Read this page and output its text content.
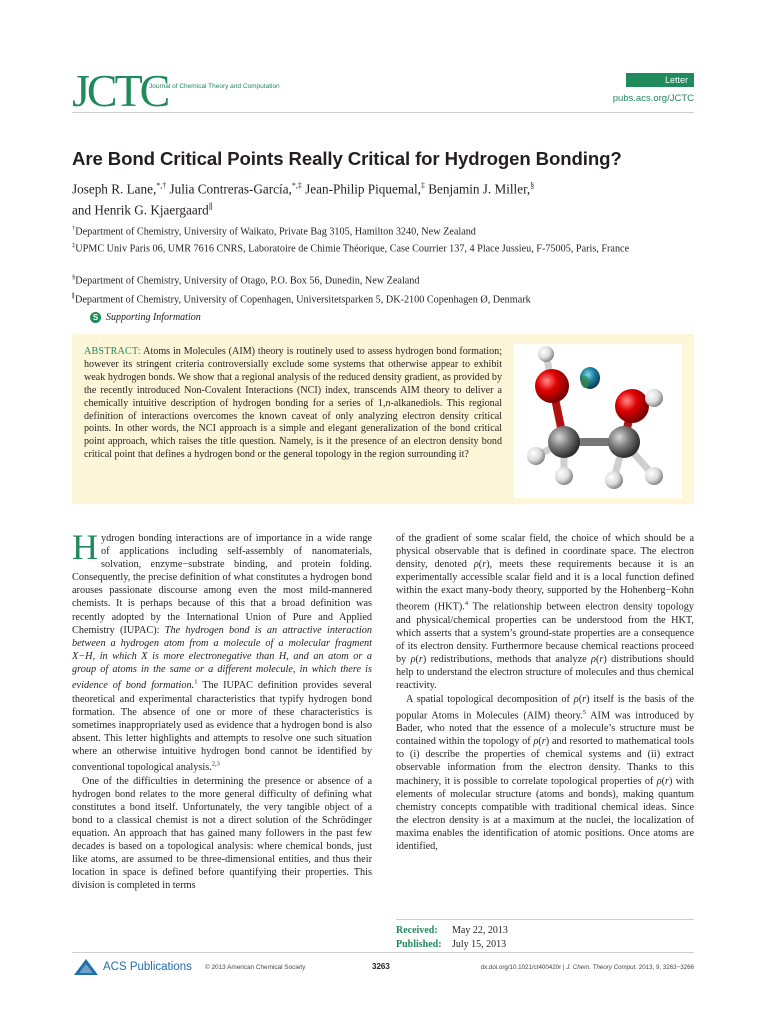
JCTC
Journal of Chemical Theory and Computation
Letter
pubs.acs.org/JCTC
Are Bond Critical Points Really Critical for Hydrogen Bonding?
Joseph R. Lane,*,† Julia Contreras-García,*,‡ Jean-Philip Piquemal,‡ Benjamin J. Miller,§
and Henrik G. Kjaergaard∥
†Department of Chemistry, University of Waikato, Private Bag 3105, Hamilton 3240, New Zealand
‡UPMC Univ Paris 06, UMR 7616 CNRS, Laboratoire de Chimie Théorique, Case Courrier 137, 4 Place Jussieu, F-75005, Paris, France
§Department of Chemistry, University of Otago, P.O. Box 56, Dunedin, New Zealand
∥Department of Chemistry, University of Copenhagen, Universitetsparken 5, DK-2100 Copenhagen Ø, Denmark
S Supporting Information
ABSTRACT: Atoms in Molecules (AIM) theory is routinely used to assess hydrogen bond formation; however its stringent criteria controversially exclude some systems that otherwise appear to exhibit weak hydrogen bonds. We show that a regional analysis of the reduced density gradient, as provided by the recently introduced Non-Covalent Interactions (NCI) index, transcends AIM theory to deliver a chemically intuitive description of hydrogen bonding for a series of 1,n-alkanediols. This regional definition of interactions overcomes the known caveat of only analyzing electron density critical points. In other words, the NCI approach is a simple and elegant generalization of the bond critical point approach, which raises the title question. Namely, is it the presence of an electron density bond critical point that defines a hydrogen bond or the general topology in the region surrounding it?

Hydrogen bonding interactions are of importance in a wide range of applications including self-assembly of nanomaterials, solvation, enzyme−substrate binding, and protein folding. Consequently, the precise definition of what constitutes a hydrogen bond arouses passionate discourse among even the most mild-mannered chemists. It is perhaps because of this that a broad definition was recently adopted by the International Union of Pure and Applied Chemistry (IUPAC): The hydrogen bond is an attractive interaction between a hydrogen atom from a molecule of a molecular fragment X−H, in which X is more electronegative than H, and an atom or a group of atoms in the same or a different molecule, in which there is evidence of bond formation.$^1$ The IUPAC definition provides several theoretical and experimental characteristics that typify hydrogen bond formation. The absence of one or more of these characteristics is sometimes inappropriately used as evidence that a hydrogen bond is also absent. This letter highlights and attempts to resolve one such situation where an otherwise intuitive hydrogen bond cannot be identified by conventional topological analysis.$^{2,3}$

One of the difficulties in determining the presence or absence of a hydrogen bond relates to the more general difficulty of defining what constitutes a bond itself. Unfortunately, the very tangible object of a bond to a classical chemist is not a direct solution of the Schrödinger equation. An approach that has gained many followers in the past few decades is based on a topological analysis: where chemical bonds, just like atoms, are assumed to be three-dimensional entities, and thus their location in space is defined before quantifying their properties. This division is completed in terms

of the gradient of some scalar field, the choice of which should be a physical observable that is defined in coordinate space. The electron density, denoted ρ(r), meets these requirements because it is an experimentally accessible scalar field and it is a local function defined within the exact many-body theory, supported by the Hohenberg−Kohn theorem (HKT).$^4$ The relationship between electron density topology and physical/chemical properties can be understood from the HKT, which asserts that a system’s ground-state properties are a consequence of its electron density. Furthermore because chemical reactions proceed by ρ(r) redistributions, methods that analyze ρ(r) distributions should help to understand the electron structure of molecules and thus chemical reactivity.

A spatial topological decomposition of ρ(r) itself is the basis of the popular Atoms in Molecules (AIM) theory.$^5$ AIM was introduced by Bader, who noted that the essence of a molecule’s structure must be contained within the topology of ρ(r) and resorted to mathematical tools to (i) describe the properties of chemical systems and (ii) extract observable information from the electron density. Thanks to this machinery, it is possible to correlate topological properties of ρ(r) with elements of molecular structure (atoms and bonds), making quantum chemistry concepts compatible with traditional chemical ideas. Since the electron density is at a maximum at the nuclei, the localization of maxima enables the identification of atomic positions. Once atoms are identified,

Received: May 22, 2013
Published: July 15, 2013
ACS Publications © 2013 American Chemical Society	3263	dx.doi.org/10.1021/ct400420r | J. Chem. Theory Comput. 2013, 9, 3263−3266
